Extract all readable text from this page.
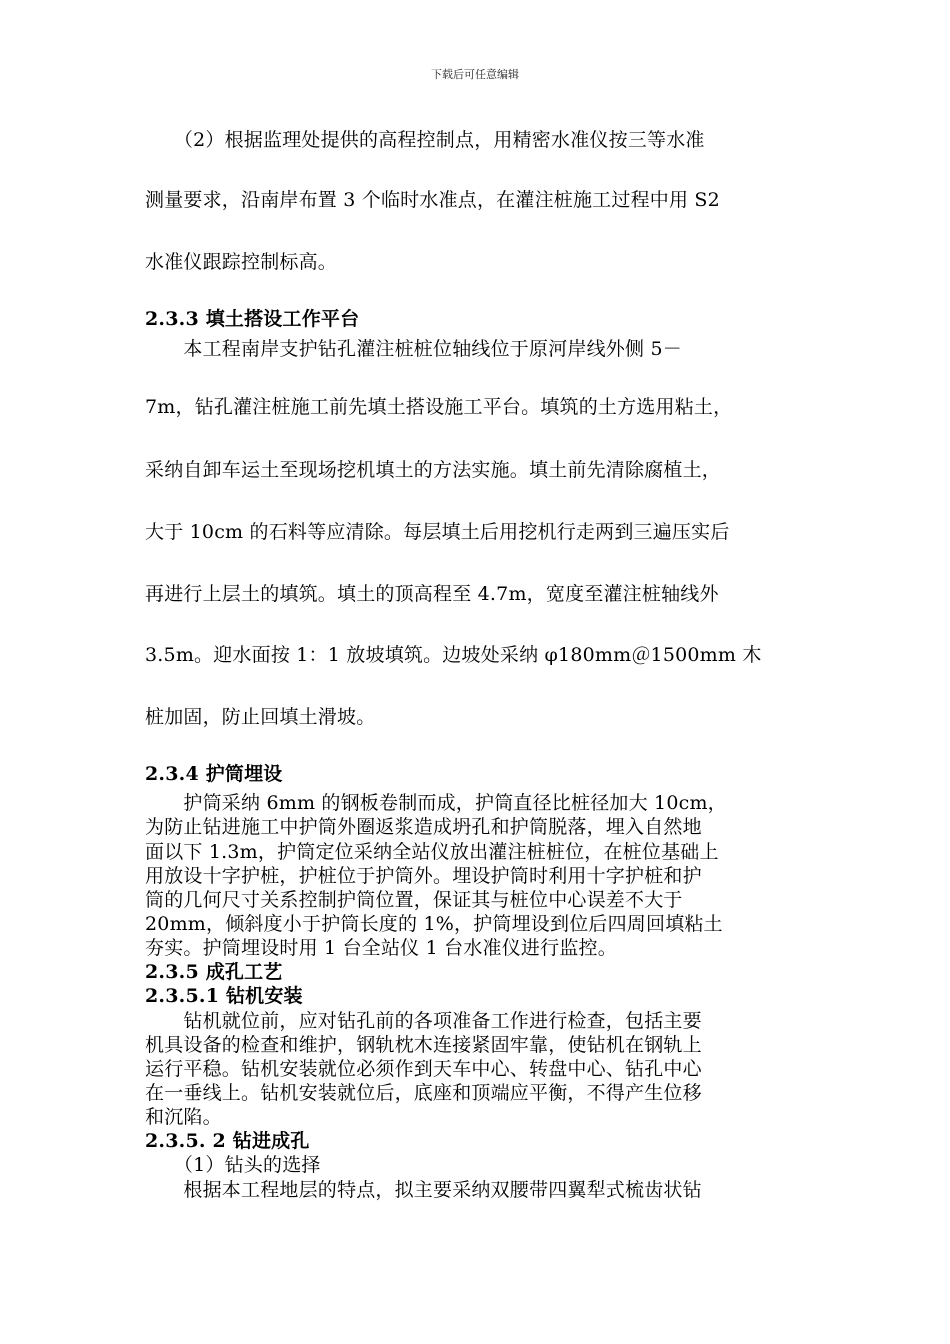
下载后可任意编辑
　　（2）根据监理处提供的高程控制点，用精密水准仪按三等水准
测量要求，沿南岸布置 3 个临时水准点，在灌注桩施工过程中用 S2
水准仪跟踪控制标高。
2.3.3 填土搭设工作平台
　　本工程南岸支护钻孔灌注桩桩位轴线位于原河岸线外侧 5－
7m，钻孔灌注桩施工前先填土搭设施工平台。填筑的土方选用粘土，
采纳自卸车运土至现场挖机填土的方法实施。填土前先清除腐植土，
大于 10cm 的石料等应清除。每层填土后用挖机行走两到三遍压实后
再进行上层土的填筑。填土的顶高程至 4.7m，宽度至灌注桩轴线外
3.5m。迎水面按 1：1 放坡填筑。边坡处采纳 φ180mm＠1500mm 木
桩加固，防止回填土滑坡。
2.3.4 护筒埋设
　　护筒采纳 6mm 的钢板卷制而成，护筒直径比桩径加大 10cm，
为防止钻进施工中护筒外圈返浆造成坍孔和护筒脱落，埋入自然地
面以下 1.3m，护筒定位采纳全站仪放出灌注桩桩位，在桩位基础上
用放设十字护桩，护桩位于护筒外。埋设护筒时利用十字护桩和护
筒的几何尺寸关系控制护筒位置，保证其与桩位中心误差不大于
20mm，倾斜度小于护筒长度的 1%，护筒埋设到位后四周回填粘土
夯实。护筒埋设时用 1 台全站仪 1 台水准仪进行监控。
2.3.5 成孔工艺
2.3.5.1 钻机安装
　　钻机就位前，应对钻孔前的各项准备工作进行检查，包括主要
机具设备的检查和维护，钢轨枕木连接紧固牢靠，使钻机在钢轨上
运行平稳。钻机安装就位必须作到天车中心、转盘中心、钻孔中心
在一垂线上。钻机安装就位后，底座和顶端应平衡，不得产生位移
和沉陷。
2.3.5. 2 钻进成孔
　　（1）钻头的选择
　　根据本工程地层的特点，拟主要采纳双腰带四翼犁式梳齿状钻
